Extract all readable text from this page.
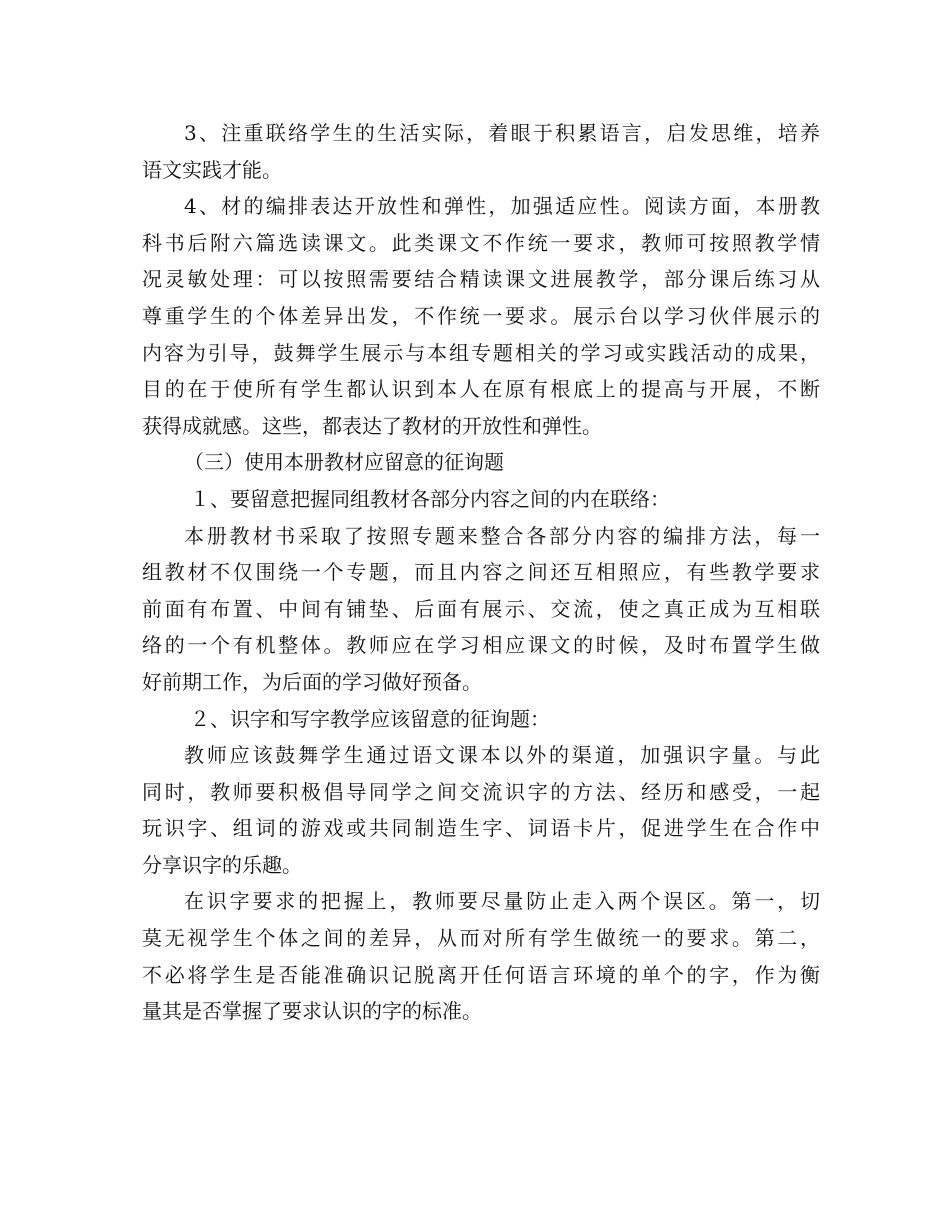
3、注重联络学生的生活实际，着眼于积累语言，启发思维，培养
语文实践才能。
4、材的编排表达开放性和弹性，加强适应性。阅读方面，本册教
科书后附六篇选读课文。此类课文不作统一要求，教师可按照教学情
况灵敏处理：可以按照需要结合精读课文进展教学，部分课后练习从
尊重学生的个体差异出发，不作统一要求。展示台以学习伙伴展示的
内容为引导，鼓舞学生展示与本组专题相关的学习或实践活动的成果，
目的在于使所有学生都认识到本人在原有根底上的提高与开展，不断
获得成就感。这些，都表达了教材的开放性和弹性。
（三）使用本册教材应留意的征询题
１、要留意把握同组教材各部分内容之间的内在联络：
本册教材书采取了按照专题来整合各部分内容的编排方法，每一
组教材不仅围绕一个专题，而且内容之间还互相照应，有些教学要求
前面有布置、中间有铺垫、后面有展示、交流，使之真正成为互相联
络的一个有机整体。教师应在学习相应课文的时候，及时布置学生做
好前期工作，为后面的学习做好预备。
２、识字和写字教学应该留意的征询题：
教师应该鼓舞学生通过语文课本以外的渠道，加强识字量。与此
同时，教师要积极倡导同学之间交流识字的方法、经历和感受，一起
玩识字、组词的游戏或共同制造生字、词语卡片，促进学生在合作中
分享识字的乐趣。
在识字要求的把握上，教师要尽量防止走入两个误区。第一，切
莫无视学生个体之间的差异，从而对所有学生做统一的要求。第二，
不必将学生是否能准确识记脱离开任何语言环境的单个的字，作为衡
量其是否掌握了要求认识的字的标准。
